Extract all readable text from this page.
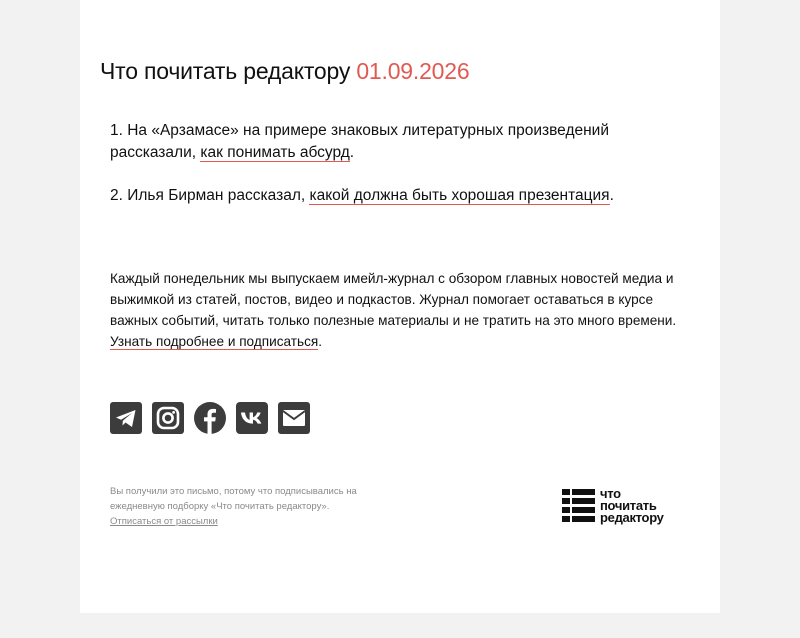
Что почитать редактору 01.09.2026

1. На «Арзамасе» на примере знаковых литературных произведений рассказали, как понимать абсурд.

2. Илья Бирман рассказал, какой должна быть хорошая презентация.

Каждый понедельник мы выпускаем имейл-журнал с обзором главных новостей медиа и выжимкой из статей, постов, видео и подкастов. Журнал помогает оставаться в курсе важных событий, читать только полезные материалы и не тратить на это много времени. Узнать подробнее и подписаться.

Вы получили это письмо, потому что подписывались на ежедневную подборку «Что почитать редактору».
Отписаться от рассылки
что
почитать
редактору
